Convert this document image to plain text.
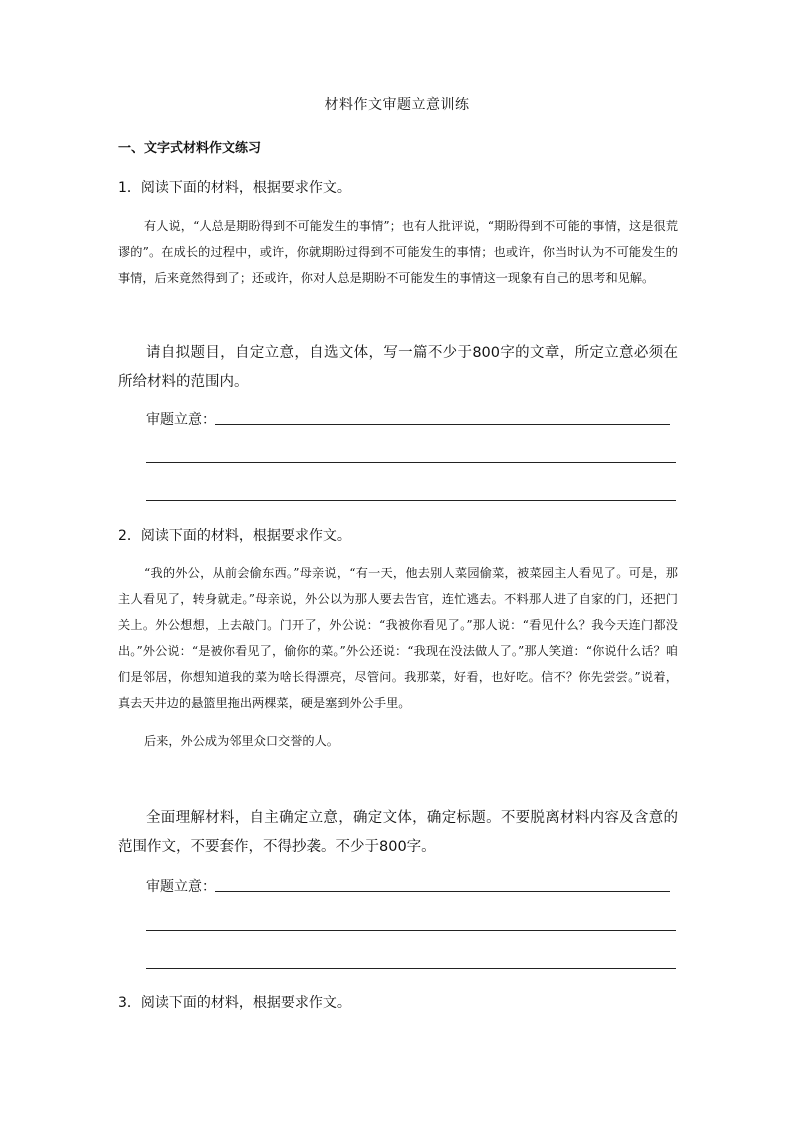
材料作文审题立意训练
一、文字式材料作文练习
1．阅读下面的材料，根据要求作文。

有人说，“人总是期盼得到不可能发生的事情”；也有人批评说，“期盼得到不可能的事情，这是很荒谬的”。在成长的过程中，或许，你就期盼过得到不可能发生的事情；也或许，你当时认为不可能发生的事情，后来竟然得到了；还或许，你对人总是期盼不可能发生的事情这一现象有自己的思考和见解。

请自拟题目，自定立意，自选文体，写一篇不少于800字的文章，所定立意必须在所给材料的范围内。

审题立意：
2．阅读下面的材料，根据要求作文。

“我的外公，从前会偷东西。”母亲说，“有一天，他去别人菜园偷菜，被菜园主人看见了。可是，那主人看见了，转身就走。”母亲说，外公以为那人要去告官，连忙逃去。不料那人进了自家的门，还把门关上。外公想想，上去敲门。门开了，外公说：“我被你看见了。”那人说：“看见什么？我今天连门都没出。”外公说：“是被你看见了，偷你的菜。”外公还说：“我现在没法做人了。”那人笑道：“你说什么话？咱们是邻居，你想知道我的菜为啥长得漂亮，尽管问。我那菜，好看，也好吃。信不？你先尝尝。”说着，真去天井边的悬篮里拖出两棵菜，硬是塞到外公手里。

后来，外公成为邻里众口交誉的人。

全面理解材料，自主确定立意，确定文体，确定标题。不要脱离材料内容及含意的范围作文，不要套作，不得抄袭。不少于800字。

审题立意：
3．阅读下面的材料，根据要求作文。
